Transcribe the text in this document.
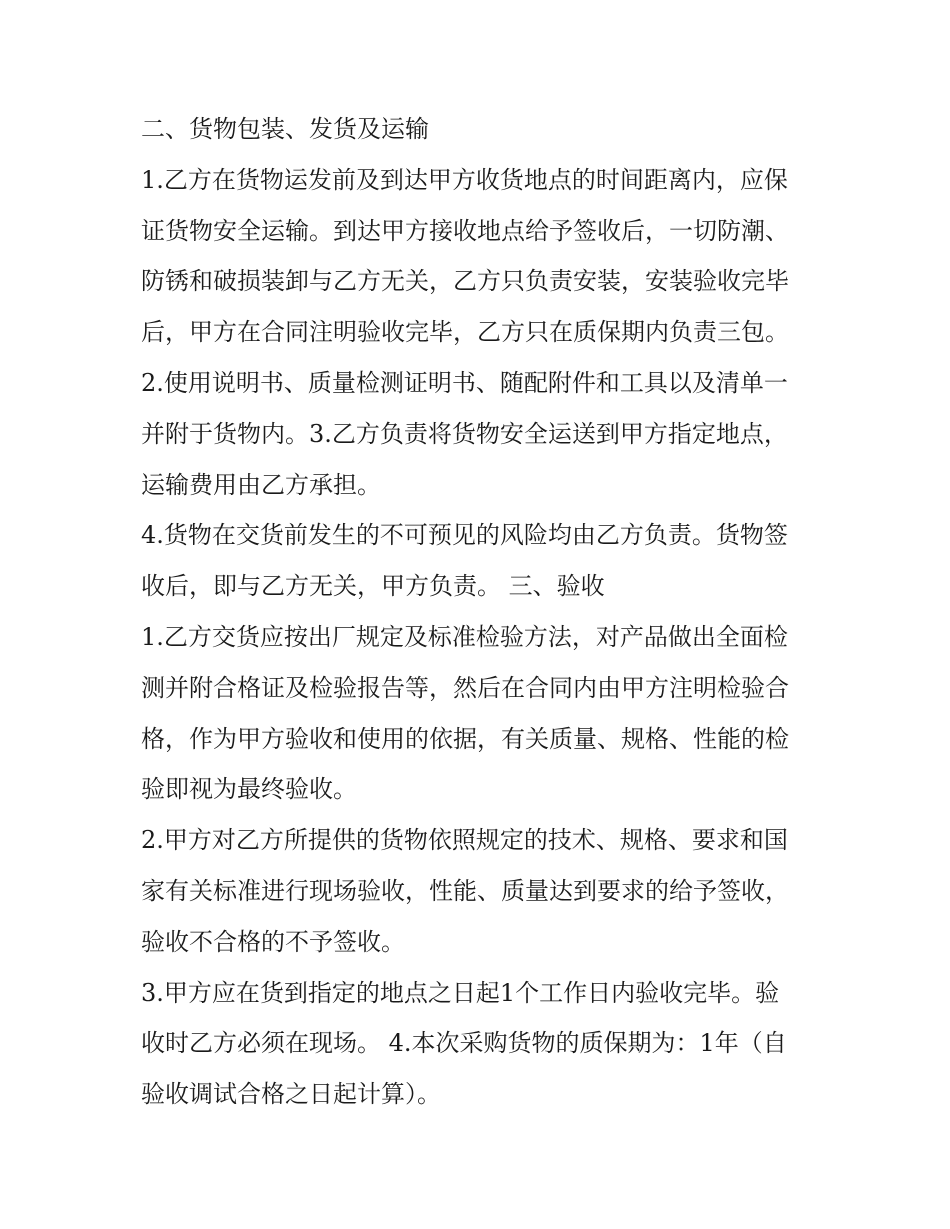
二、货物包装、发货及运输
1.乙方在货物运发前及到达甲方收货地点的时间距离内，应保
证货物安全运输。到达甲方接收地点给予签收后，一切防潮、
防锈和破损装卸与乙方无关，乙方只负责安装，安装验收完毕
后，甲方在合同注明验收完毕，乙方只在质保期内负责三包。
2.使用说明书、质量检测证明书、随配附件和工具以及清单一
并附于货物内。3.乙方负责将货物安全运送到甲方指定地点，
运输费用由乙方承担。
4.货物在交货前发生的不可预见的风险均由乙方负责。货物签
收后，即与乙方无关，甲方负责。 三、验收
1.乙方交货应按出厂规定及标准检验方法，对产品做出全面检
测并附合格证及检验报告等，然后在合同内由甲方注明检验合
格，作为甲方验收和使用的依据，有关质量、规格、性能的检
验即视为最终验收。
2.甲方对乙方所提供的货物依照规定的技术、规格、要求和国
家有关标准进行现场验收，性能、质量达到要求的给予签收，
验收不合格的不予签收。
3.甲方应在货到指定的地点之日起1个工作日内验收完毕。验
收时乙方必须在现场。 4.本次采购货物的质保期为：1年（自
验收调试合格之日起计算）。
